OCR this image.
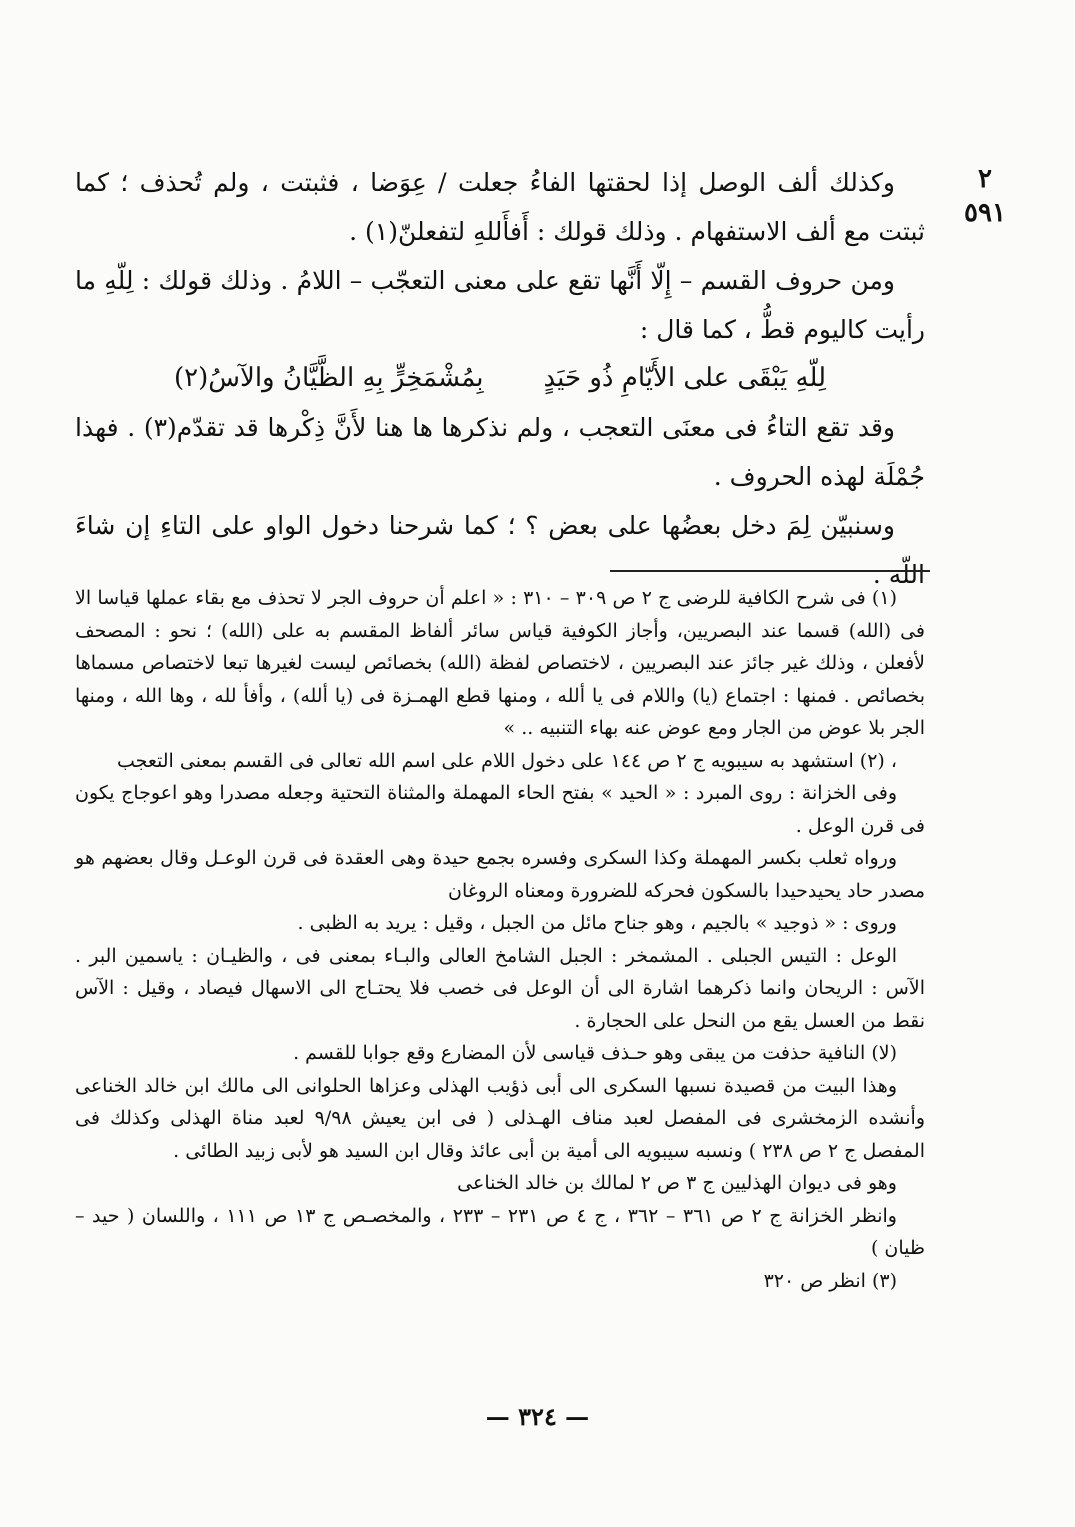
٢
٥٩١

وكذلك ألف الوصل إذا لحقتها الفاءُ جعلت / عِوَضا ، فثبتت ، ولم تُحذف ؛ كما ثبتت مع ألف الاستفهام . وذلك قولك : أَفأَللهِ لتفعلنّ(١) .

ومن حروف القسم – إِلّا أَنَّها تقع على معنى التعجّب – اللامُ . وذلك قولك : لِلّهِ ما رأيت كاليوم قطُّ ، كما قال :

لِلّهِ يَبْقَى على الأَيّامِ ذُو حَيَدٍ
بِمُشْمَخِرٍّ بِهِ الظَّيَّانُ والآسُ(٢)

وقد تقع التاءُ فى معنَى التعجب ، ولم نذكرها ها هنا لأَنَّ ذِكْرها قد تقدّم(٣) . فهذا جُمْلَة لهذه الحروف .

وسنبيّن لِمَ دخل بعضُها على بعض ؟ ؛ كما شرحنا دخول الواو على التاءِ إن شاءَ اللّه .

(١) فى شرح الكافية للرضى ج ٢ ص ٣٠٩ – ٣١٠ : « اعلم أن حروف الجر لا تحذف مع بقاء عملها قياسا الا فى (الله) قسما عند البصريين، وأجاز الكوفية قياس سائر ألفاظ المقسم به على (الله) ؛ نحو : المصحف لأفعلن ، وذلك غير جائز عند البصريين ، لاختصاص لفظة (الله) بخصائص ليست لغيرها تبعا لاختصاص مسماها بخصائص . فمنها : اجتماع (يا) واللام فى يا ألله ، ومنها قطع الهمـزة فى (يا ألله) ، وأفأ لله ، وها الله ، ومنها الجر بلا عوض من الجار ومع عوض عنه بهاء التنبيه .. »

، (٢) استشهد به سيبويه ج ٢ ص ١٤٤ على دخول اللام على اسم الله تعالى فى القسم بمعنى التعجب

وفى الخزانة : روى المبرد : « الحيد » بفتح الحاء المهملة والمثناة التحتية وجعله مصدرا وهو اعوجاج يكون فى قرن الوعل .

ورواه ثعلب بكسر المهملة وكذا السكرى وفسره بجمع حيدة وهى العقدة فى قرن الوعـل وقال بعضهم هو مصدر حاد يحيدحيدا بالسكون فحركه للضرورة ومعناه الروغان

وروى : « ذوجيد » بالجيم ، وهو جناح مائل من الجبل ، وقيل : يريد به الظبى .

الوعل : التيس الجبلى . المشمخر : الجبل الشامخ العالى والبـاء بمعنى فى ، والظيـان : ياسمين البر . الآس : الريحان وانما ذكرهما اشارة الى أن الوعل فى خصب فلا يحتـاج الى الاسهال فيصاد ، وقيل : الآس نقط من العسل يقع من النحل على الحجارة .

(لا) النافية حذفت من يبقى وهو حـذف قياسى لأن المضارع وقع جوابا للقسم .

وهذا البيت من قصيدة نسبها السكرى الى أبى ذؤيب الهذلى وعزاها الحلوانى الى مالك ابن خالد الخناعى وأنشده الزمخشرى فى المفصل لعبد مناف الهـذلى ( فى ابن يعيش ٩/٩٨ لعبد مناة الهذلى وكذلك فى المفصل ج ٢ ص ٢٣٨ ) ونسبه سيبويه الى أمية بن أبى عائذ وقال ابن السيد هو لأبى زبيد الطائى .

وهو فى ديوان الهذليين ج ٣ ص ٢ لمالك بن خالد الخناعى

وانظر الخزانة ج ٢ ص ٣٦١ – ٣٦٢ ، ج ٤ ص ٢٣١ – ٢٣٣ ، والمخصـص ج ١٣ ص ١١١ ، واللسان ( حيد – ظيان )

(٣) انظر ص ٣٢٠

— ٣٢٤ —
